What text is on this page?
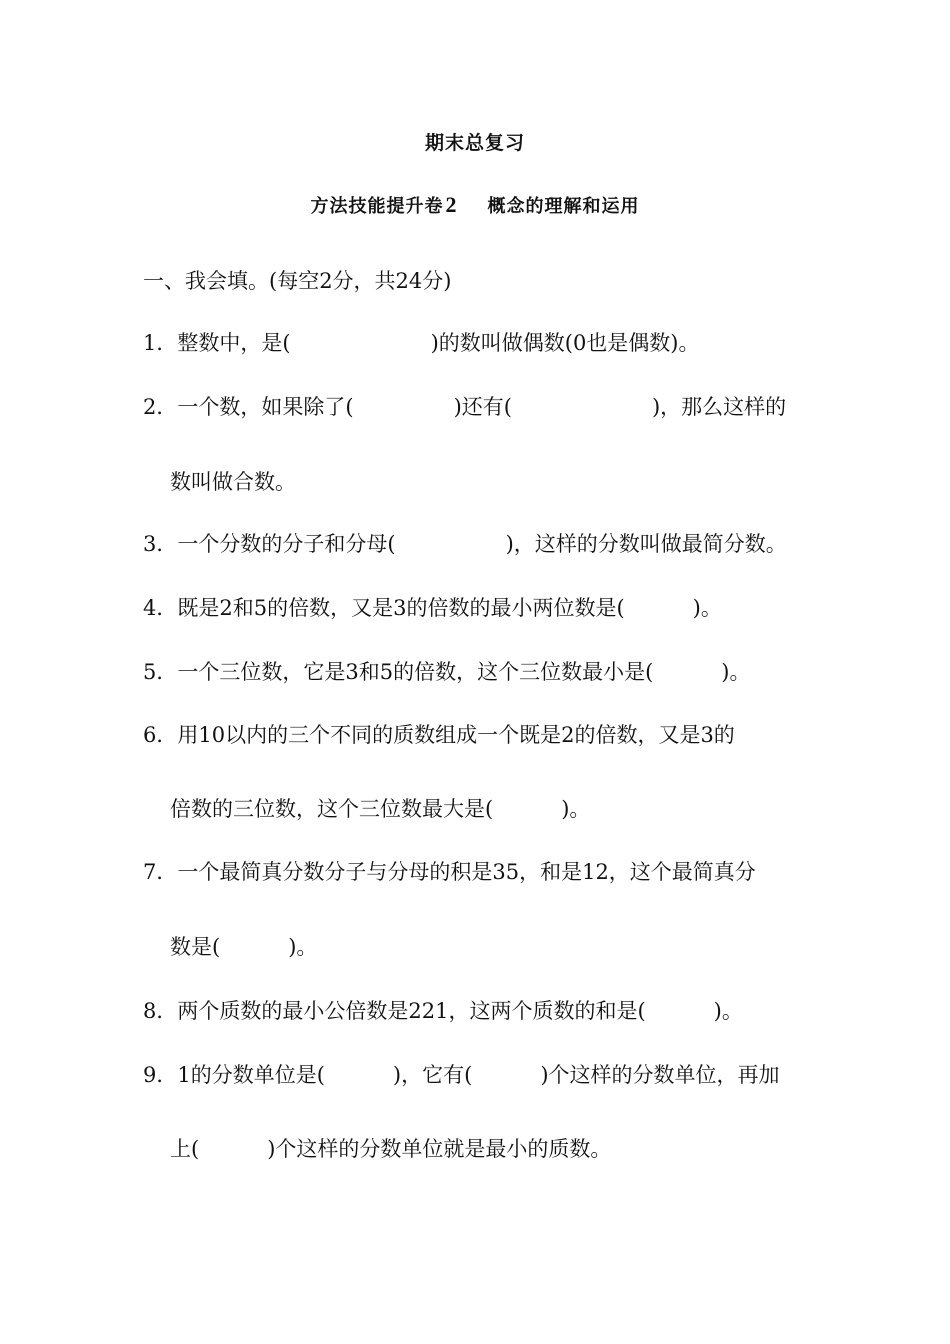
期末总复习
方法技能提升卷2 概念的理解和运用
一、我会填。(每空2分，共24分)
1．整数中，是(	)的数叫做偶数(0也是偶数)。
2．一个数，如果除了(	)还有(	)，那么这样的
数叫做合数。
3．一个分数的分子和分母(	)，这样的分数叫做最简分数。
4．既是2和5的倍数，又是3的倍数的最小两位数是(	)。
5．一个三位数，它是3和5的倍数，这个三位数最小是(	)。
6．用10以内的三个不同的质数组成一个既是2的倍数，又是3的
倍数的三位数，这个三位数最大是(	)。
7．一个最简真分数分子与分母的积是35，和是12，这个最简真分
数是(	)。
8．两个质数的最小公倍数是221，这两个质数的和是(	)。
9．1的分数单位是(	)，它有(	)个这样的分数单位，再加
上(	)个这样的分数单位就是最小的质数。
